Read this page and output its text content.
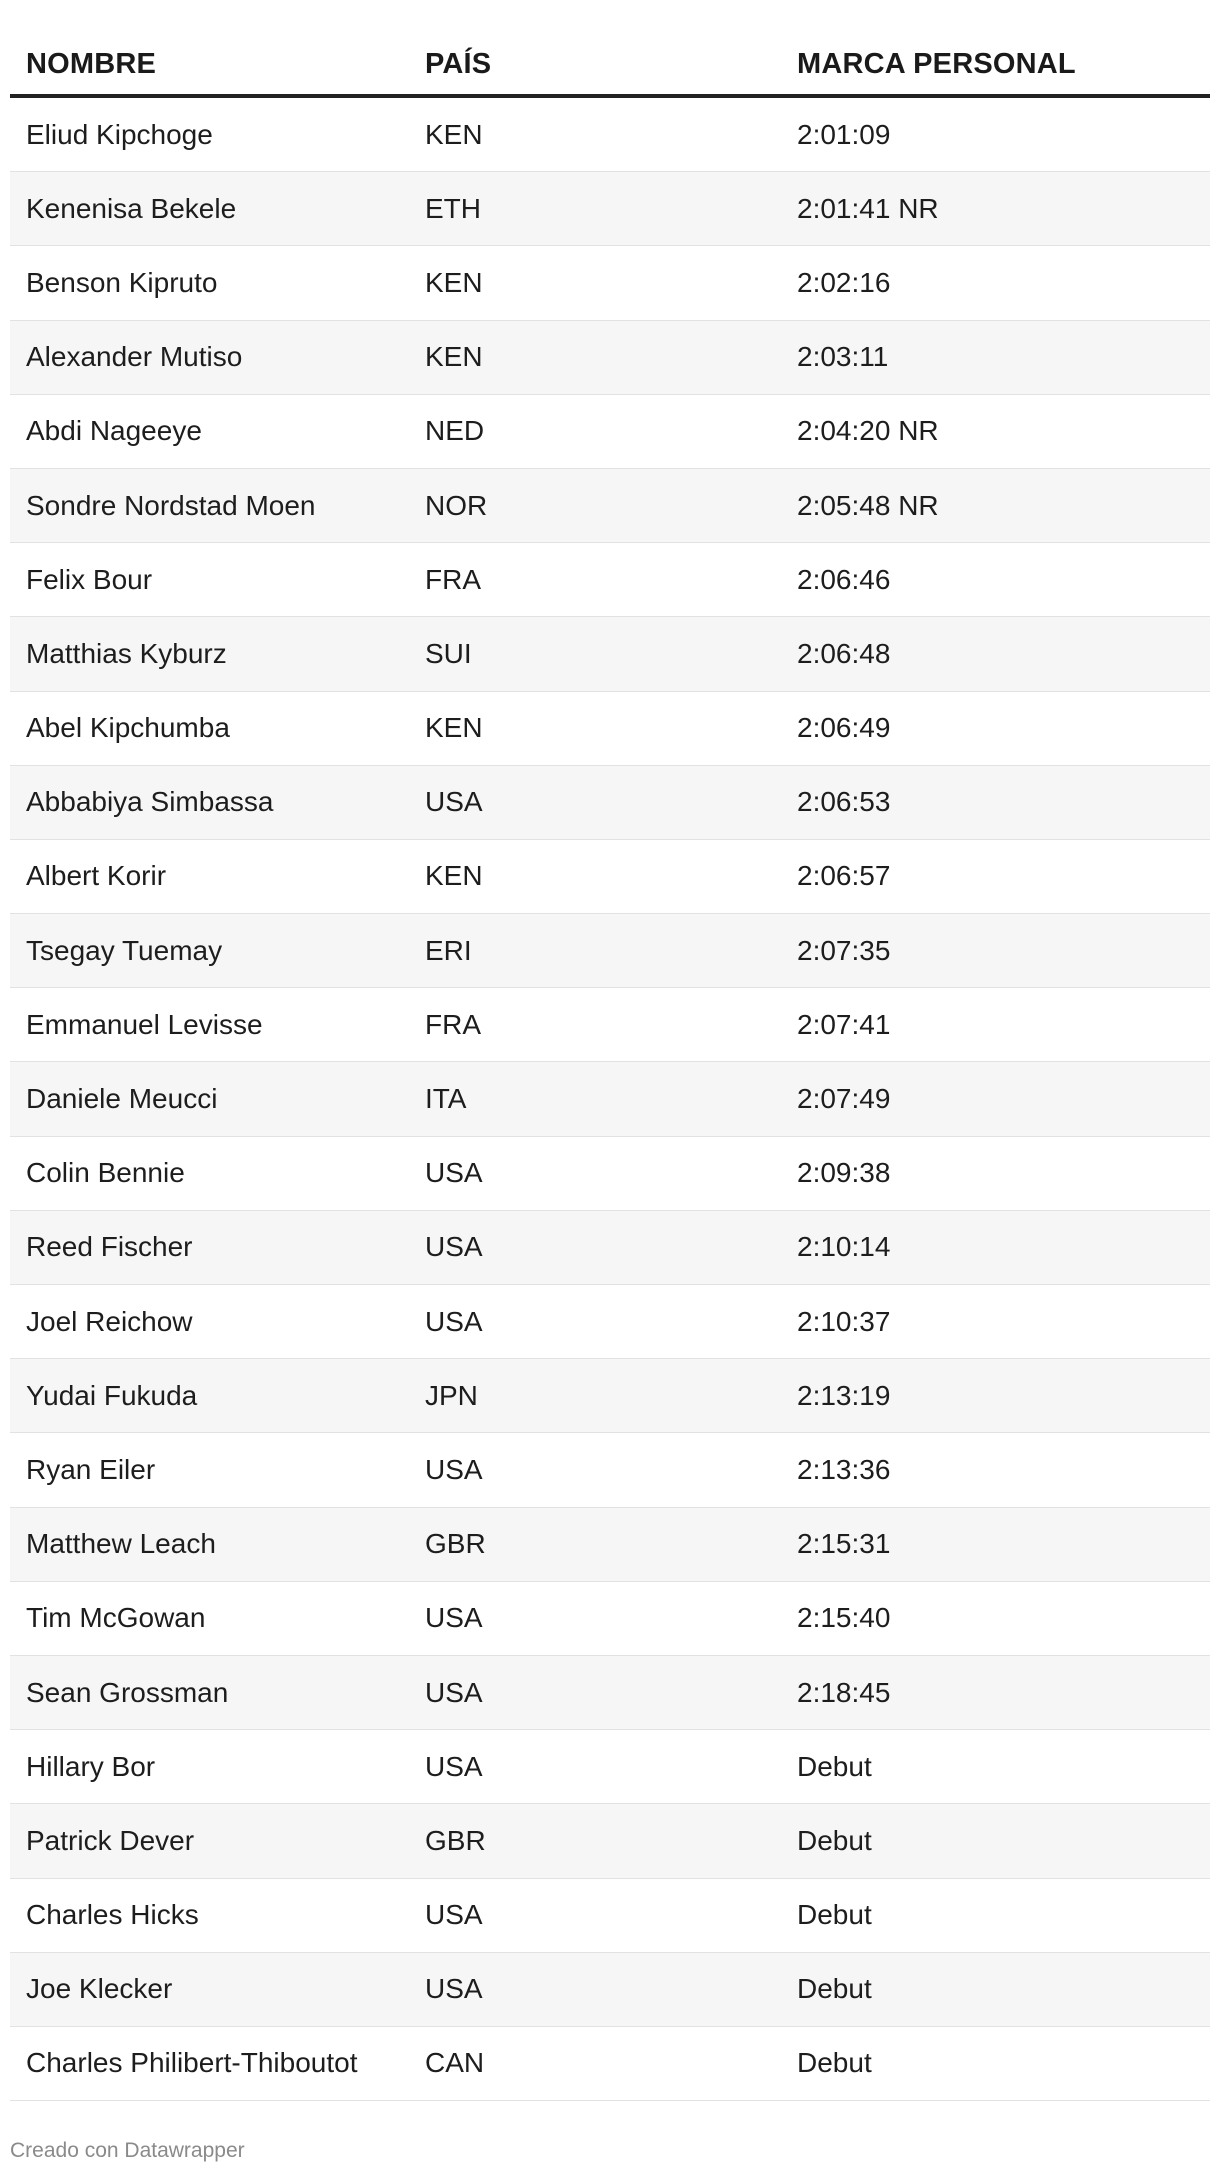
NOMBRE	PAÍS	MARCA PERSONAL
Eliud Kipchoge	KEN	2:01:09
Kenenisa Bekele	ETH	2:01:41 NR
Benson Kipruto	KEN	2:02:16
Alexander Mutiso	KEN	2:03:11
Abdi Nageeye	NED	2:04:20 NR
Sondre Nordstad Moen	NOR	2:05:48 NR
Felix Bour	FRA	2:06:46
Matthias Kyburz	SUI	2:06:48
Abel Kipchumba	KEN	2:06:49
Abbabiya Simbassa	USA	2:06:53
Albert Korir	KEN	2:06:57
Tsegay Tuemay	ERI	2:07:35
Emmanuel Levisse	FRA	2:07:41
Daniele Meucci	ITA	2:07:49
Colin Bennie	USA	2:09:38
Reed Fischer	USA	2:10:14
Joel Reichow	USA	2:10:37
Yudai Fukuda	JPN	2:13:19
Ryan Eiler	USA	2:13:36
Matthew Leach	GBR	2:15:31
Tim McGowan	USA	2:15:40
Sean Grossman	USA	2:18:45
Hillary Bor	USA	Debut
Patrick Dever	GBR	Debut
Charles Hicks	USA	Debut
Joe Klecker	USA	Debut
Charles Philibert-Thiboutot	CAN	Debut
Creado con Datawrapper
